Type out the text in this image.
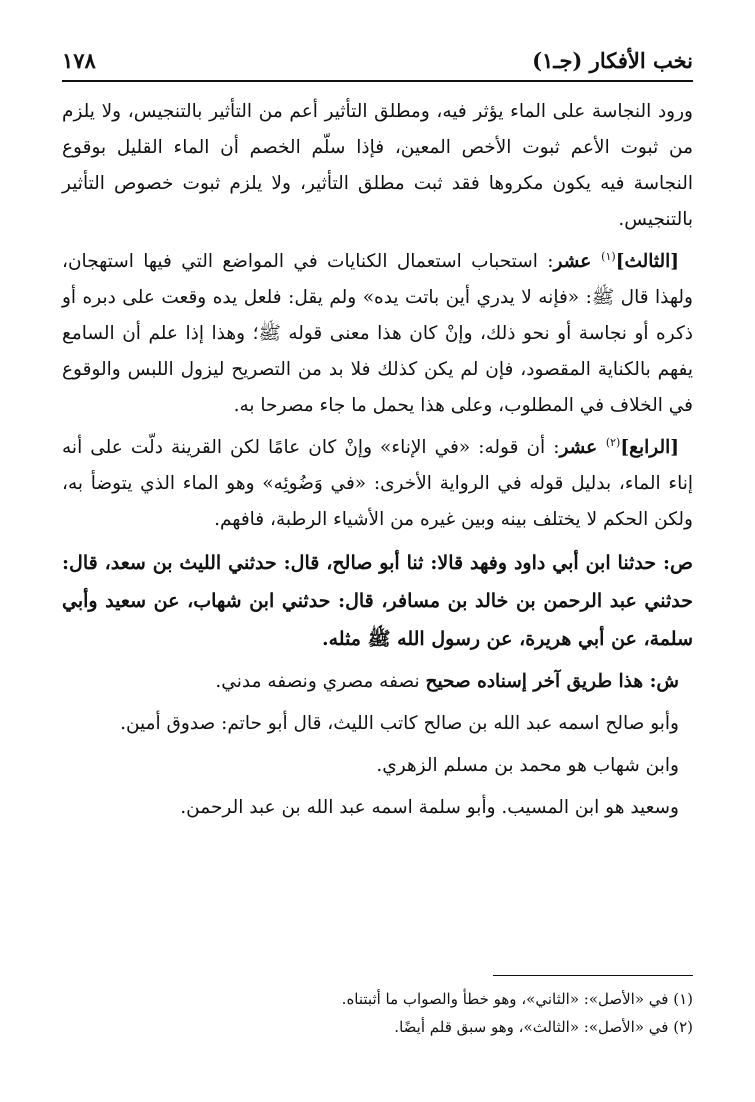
١٧٨	نخب الأفكار (جـ١)

ورود النجاسة على الماء يؤثر فيه، ومطلق التأثير أعم من التأثير بالتنجيس، ولا يلزم من ثبوت الأعم ثبوت الأخص المعين، فإذا سلّم الخصم أن الماء القليل بوقوع النجاسة فيه يكون مكروها فقد ثبت مطلق التأثير، ولا يلزم ثبوت خصوص التأثير بالتنجيس.

[الثالث]$^{(١)}$ عشر: استحباب استعمال الكنايات في المواضع التي فيها استهجان، ولهذا قال ﷺ: «فإنه لا يدري أين باتت يده» ولم يقل: فلعل يده وقعت على دبره أو ذكره أو نجاسة أو نحو ذلك، وإنْ كان هذا معنى قوله ﷺ؛ وهذا إذا علم أن السامع يفهم بالكناية المقصود، فإن لم يكن كذلك فلا بد من التصريح ليزول اللبس والوقوع في الخلاف في المطلوب، وعلى هذا يحمل ما جاء مصرحا به.

[الرابع]$^{(٢)}$ عشر: أن قوله: «في الإناء» وإنْ كان عامًا لكن القرينة دلّت على أنه إناء الماء، بدليل قوله في الرواية الأخرى: «في وَضُوئِه» وهو الماء الذي يتوضأ به، ولكن الحكم لا يختلف بينه وبين غيره من الأشياء الرطبة، فافهم.

ص: حدثنا ابن أبي داود وفهد قالا: ثنا أبو صالح، قال: حدثني الليث بن سعد، قال: حدثني عبد الرحمن بن خالد بن مسافر، قال: حدثني ابن شهاب، عن سعيد وأبي سلمة، عن أبي هريرة، عن رسول الله ﷺ مثله.

ش: هذا طريق آخر إسناده صحيح نصفه مصري ونصفه مدني.

وأبو صالح اسمه عبد الله بن صالح كاتب الليث، قال أبو حاتم: صدوق أمين.

وابن شهاب هو محمد بن مسلم الزهري.

وسعيد هو ابن المسيب. وأبو سلمة اسمه عبد الله بن عبد الرحمن.

(١) في «الأصل»: «الثاني»، وهو خطأ والصواب ما أثبتناه.

(٢) في «الأصل»: «الثالث»، وهو سبق قلم أيضًا.
